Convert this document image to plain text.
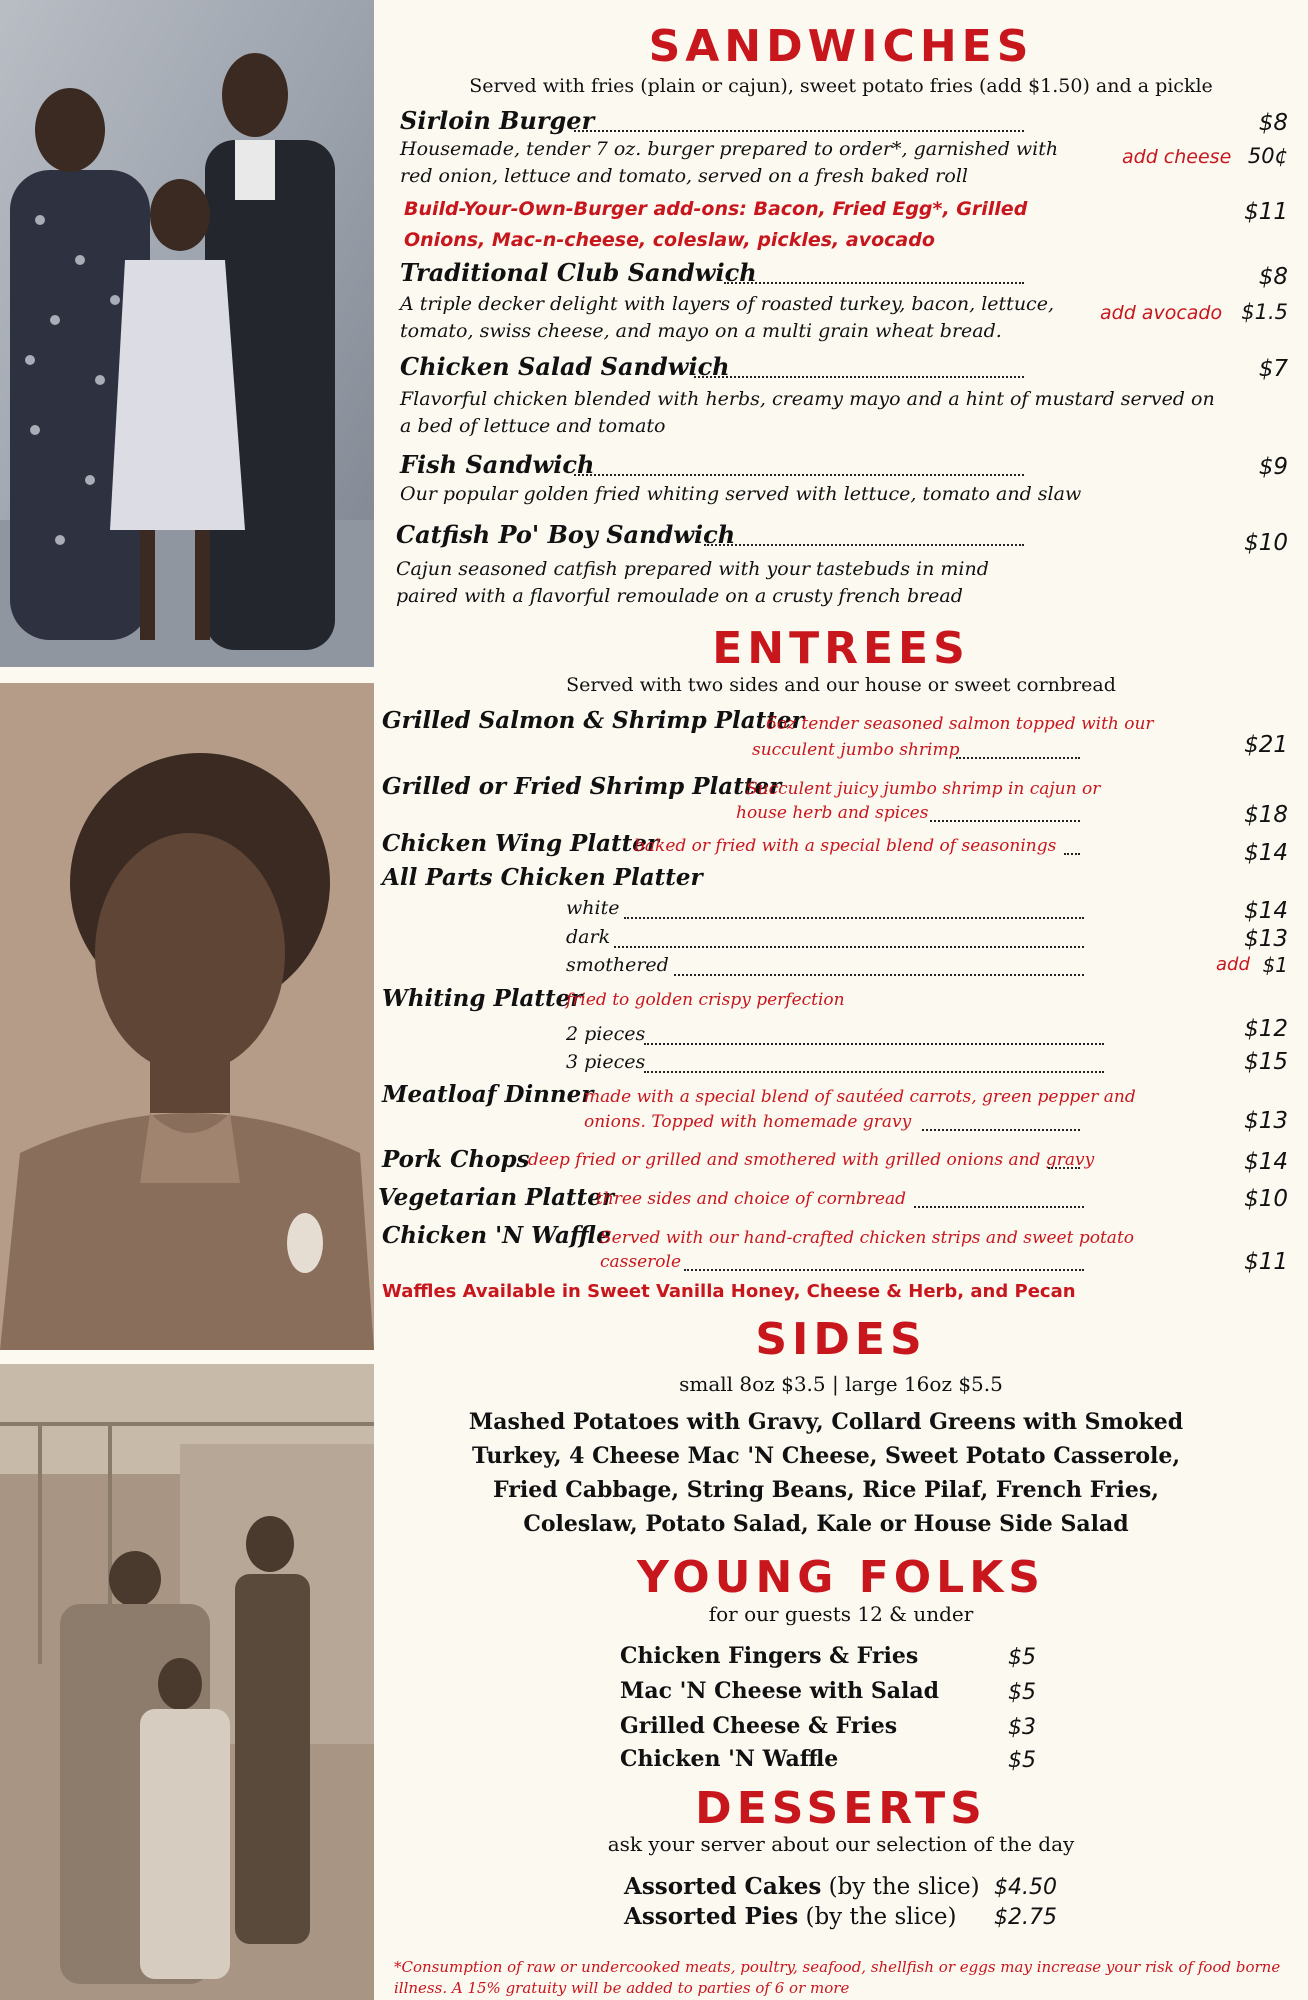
SANDWICHES
Served with fries (plain or cajun), sweet potato fries (add $1.50) and a pickle
Sirloin Burger	$8
Housemade, tender 7 oz. burger prepared to order*, garnished with red onion, lettuce and tomato, served on a fresh baked roll
add cheese 50¢
Build-Your-Own-Burger add-ons: Bacon, Fried Egg*, Grilled Onions, Mac-n-cheese, coleslaw, pickles, avocado
$11
Traditional Club Sandwich	$8
A triple decker delight with layers of roasted turkey, bacon, lettuce, tomato, swiss cheese, and mayo on a multi grain wheat bread.
add avocado $1.5
Chicken Salad Sandwich	$7
Flavorful chicken blended with herbs, creamy mayo and a hint of mustard served on a bed of lettuce and tomato
Fish Sandwich	$9
Our popular golden fried whiting served with lettuce, tomato and slaw
Catfish Po' Boy Sandwich	$10
Cajun seasoned catfish prepared with your tastebuds in mind paired with a flavorful remoulade on a crusty french bread
ENTREES
Served with two sides and our house or sweet cornbread
Grilled Salmon & Shrimp Platter
6oz tender seasoned salmon topped with our
succulent jumbo shrimp	$21
Grilled or Fried Shrimp Platter
Succulent juicy jumbo shrimp in cajun or
house herb and spices	$18
Chicken Wing Platter
baked or fried with a special blend of seasonings	$14
All Parts Chicken Platter
white	$14
dark	$13
smothered	add $1
Whiting Platter
fried to golden crispy perfection
2 pieces	$12
3 pieces	$15
Meatloaf Dinner
made with a special blend of sautéed carrots, green pepper and
onions. Topped with homemade gravy	$13
Pork Chops
deep fried or grilled and smothered with grilled onions and gravy	$14
Vegetarian Platter
three sides and choice of cornbread	$10
Chicken 'N Waffle
Served with our hand-crafted chicken strips and sweet potato
casserole	$11
Waffles Available in Sweet Vanilla Honey, Cheese & Herb, and Pecan
SIDES
small 8oz $3.5 | large 16oz $5.5
Mashed Potatoes with Gravy, Collard Greens with Smoked Turkey, 4 Cheese Mac 'N Cheese, Sweet Potato Casserole, Fried Cabbage, String Beans, Rice Pilaf, French Fries, Coleslaw, Potato Salad, Kale or House Side Salad
YOUNG FOLKS
for our guests 12 & under
Chicken Fingers & Fries	$5
Mac 'N Cheese with Salad	$5
Grilled Cheese & Fries	$3
Chicken 'N Waffle	$5
DESSERTS
ask your server about our selection of the day
Assorted Cakes (by the slice) $4.50
Assorted Pies (by the slice) $2.75
*Consumption of raw or undercooked meats, poultry, seafood, shellfish or eggs may increase your risk of food borne illness. A 15% gratuity will be added to parties of 6 or more
